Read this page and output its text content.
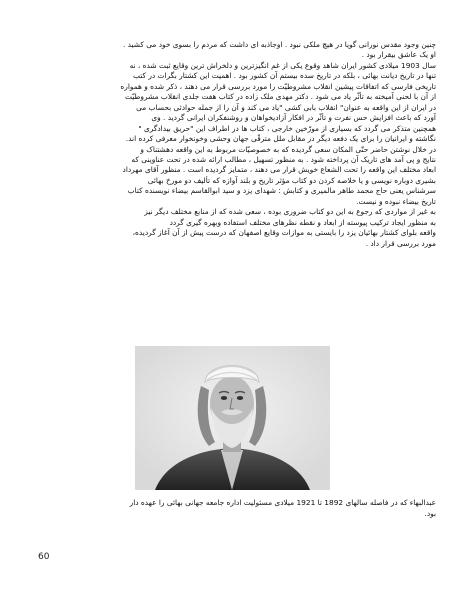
چنین وجود مقدس نورانی گویا در هیچ ملکی نبود . اوجاذبه ای داشت که مردم را بسوی خود می کشید .
او یک عاشق بیقرار بود .
سال 1903 میلادی کشور ایران شاهد وقوع یکی از غم انگیزترین و دلخراش ترین وقایع ثبت شده ، نه
تنها در تاریخ دیانت بهائی ، بلکه در تاریخ سده بیستم آن کشور بود . اهمیت این کشتار بگرات در کتب
تاریخی فارسی که اتفاقات پیشین انقلاب مشروطیّت را مورد بررسی قرار می دهند ، ذکر شده و همواره
از آن با لحنی آمیخته به تأثّر یاد می شود . دکتر مهدی ملک زاده در کتاب هفت جلدی انقلاب مشروطیّت
در ایران از این واقعه به عنوان" انقلاب بابی کشی "یاد می کند و آن را از جمله حوادثی بحساب می
آورد که باعث افزایش حس نفرت و تأثّر در افکار آزادیخواهان و روشنفکران ایرانی گردید . وی
همچنین متذکر می گردد که بسیاری از مورّخین خارجی ، کتاب ها در اطراف این "حریق بیدادگری "
نگاشته و ایرانیان را برای یک دفعه دیگر در مقابل ملل مترقّی جهان وحشی وخونخوار معرفی کرده اند.
در خلال نوشتن حاضر حتّی المکان سعی گردیده که به خصوصیّات مربوط به این واقعه دهشتناک و
نتایج و پی آمد های تاریک آن پرداخته شود . به منظور تسهیل ، مطالب ارائه شده در تحت عناوینی که
ابعاد مختلف این واقعه را تحت الشعاع خویش قرار می دهند ، متمایز گردیده است . منظور آقای مهرداد
بشیری دوباره نویسی و یا خلاصه کردن دو کتاب مؤثر تاریخ و بلند آوازه که تألیف دو مورخ بهائی
سرشناس یعنی حاج محمد طاهر مالمیری و کتابش : شهدای یزد و سید ابوالقاسم بیضاء نویسنده کتاب
تاریخ بیضاء نبوده و نیست.
به غیر از مواردی که رجوع به این دو کتاب ضروری بوده ، سعی شده که از منابع مختلف دیگر نیز
به منظور ایجاد ترکیب پیوسته از ابعاد و نقطه نظرهای مختلف استفاده وبهره گیری گردد
واقعه بلوای کشتار بهائیان یزد را بایستی به موازات وقایع اصفهان که درست پیش از آن آغاز گردیده،
مورد بررسی قرار داد .
عبدالبهاء که در فاصله سالهای 1892 تا 1921 میلادی مسئولیت اداره جامعه جهانی بهائی را عهده دار
بود.
60
